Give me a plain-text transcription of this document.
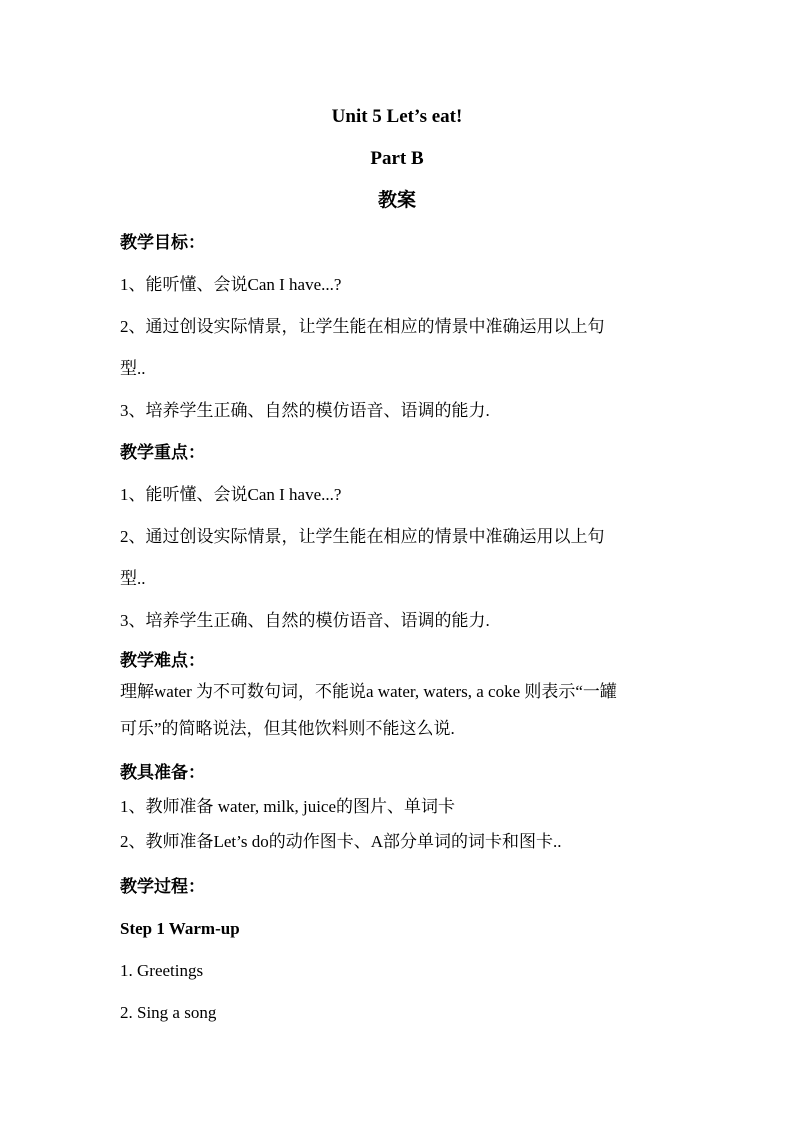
Unit 5 Let’s eat!
Part B
教案
教学目标：
1、能听懂、会说Can I have...?
2、通过创设实际情景，让学生能在相应的情景中准确运用以上句
型..
3、培养学生正确、自然的模仿语音、语调的能力.
教学重点：
1、能听懂、会说Can I have...?
2、通过创设实际情景，让学生能在相应的情景中准确运用以上句
型..
3、培养学生正确、自然的模仿语音、语调的能力.
教学难点：
理解water 为不可数句词，不能说a water, waters, a coke 则表示“一罐
可乐”的简略说法，但其他饮料则不能这么说.
教具准备：
1、教师准备 water, milk, juice的图片、单词卡
2、教师准备Let’s do的动作图卡、A部分单词的词卡和图卡..
教学过程：
Step 1 Warm-up
1. Greetings
2. Sing a song
